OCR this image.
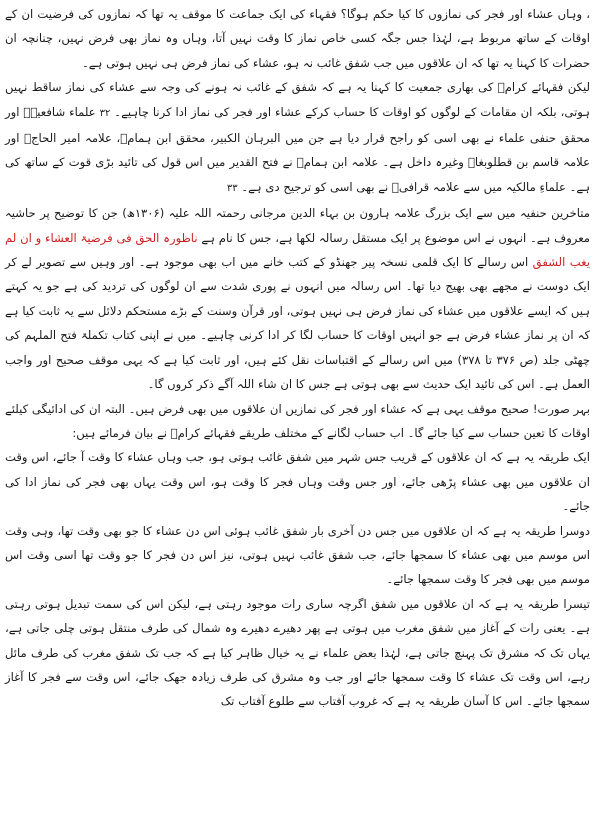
، وہاں عشاء اور فجر کی نمازوں کا کیا حکم ہوگا؟ فقہاء کی ایک جماعت کا موقف یہ تھا کہ نمازوں کی فرضیت ان کے اوقات کے ساتھ مربوط ہے، لہٰذا جس جگہ کسی خاص نماز کا وقت نہیں آتا، وہاں وہ نماز بھی فرض نہیں، چنانچہ ان حضرات کا کہنا یہ تھا کہ ان علاقوں میں جب شفق غائب نہ ہو، عشاء کی نماز فرض ہی نہیں ہوتی ہے۔

لیکن فقہائے کرامؒ کی بھاری جمعیت کا کہنا یہ ہے کہ شفق کے غائب نہ ہونے کی وجہ سے عشاء کی نماز ساقط نہیں ہوتی، بلکہ ان مقامات کے لوگوں کو اوقات کا حساب کرکے عشاء اور فجر کی نماز ادا کرنا چاہیے۔ ۳۲ علماء شافعیہؒ اور محقق حنفی علماء نے بھی اسی کو راجح قرار دیا ہے جن میں البرہان الکبیر، محقق ابن ہمامؒ، علامہ امیر الحاجؒ اور علامہ قاسم بن قطلوبغاؒ وغیرہ داخل ہے۔ علامہ ابن ہمامؒ نے فتح القدیر میں اس قول کی تائید بڑی قوت کے ساتھ کی ہے۔ علماءِ مالکیہ میں سے علامہ قرافیؒ نے بھی اسی کو ترجیح دی ہے۔ ۳۳

متاخرین حنفیہ میں سے ایک بزرگ علامہ ہارون بن بہاء الدین مرجانی رحمتہ اللہ علیہ (۱۳۰۶ھ) جن کا توضیح پر حاشیہ معروف ہے۔ انہوں نے اس موضوع پر ایک مستقل رسالہ لکھا ہے، جس کا نام ہے ناظورہ الحق فی فرضیۃ العشاء و ان لم یغب الشفق اس رسالے کا ایک قلمی نسخہ پیر جھنڈو کے کتب خانے میں اب بھی موجود ہے۔ اور وہیں سے تصویر لے کر ایک دوست نے مجھے بھی بھیج دیا تھا۔ اس رسالہ میں انہوں نے پوری شدت سے ان لوگوں کی تردید کی ہے جو یہ کہتے ہیں کہ ایسے علاقوں میں عشاء کی نماز فرض ہی نہیں ہوتی، اور قرآن وسنت کے بڑے مستحکم دلائل سے یہ ثابت کیا ہے کہ ان پر نماز عشاء فرض ہے جو انہیں اوقات کا حساب لگا کر ادا کرنی چاہیے۔ میں نے اپنی کتاب تکملۃ فتح الملہم کی چھٹی جلد (ص ۳۷۶ تا ۳۷۸) میں اس رسالے کے اقتباسات نقل کئے ہیں، اور ثابت کیا ہے کہ یہی موقف صحیح اور واجب العمل ہے۔ اس کی تائید ایک حدیث سے بھی ہوتی ہے جس کا ان شاء اللہ آگے ذکر کروں گا۔

بہر صورت! صحیح موقف یہی ہے کہ عشاء اور فجر کی نمازیں ان علاقوں میں بھی فرض ہیں۔ البتہ ان کی ادائیگی کیلئے اوقات کا تعین حساب سے کیا جائے گا۔ اب حساب لگانے کے مختلف طریقے فقہائے کرامؒ نے بیان فرمائے ہیں:

ایک طریقہ یہ ہے کہ ان علاقوں کے قریب جس شہر میں شفق غائب ہوتی ہو، جب وہاں عشاء کا وقت آ جائے، اس وقت ان علاقوں میں بھی عشاء پڑھی جائے، اور جس وقت وہاں فجر کا وقت ہو، اس وقت یہاں بھی فجر کی نماز ادا کی جائے۔

دوسرا طریقہ یہ ہے کہ ان علاقوں میں جس دن آخری بار شفق غائب ہوئی اس دن عشاء کا جو بھی وقت تھا، وہی وقت اس موسم میں بھی عشاء کا سمجھا جائے، جب شفق غائب نہیں ہوتی، نیز اس دن فجر کا جو وقت تھا اسی وقت اس موسم میں بھی فجر کا وقت سمجھا جائے۔

تیسرا طریقہ یہ ہے کہ ان علاقوں میں شفق اگرچہ ساری رات موجود رہتی ہے، لیکن اس کی سمت تبدیل ہوتی رہتی ہے۔ یعنی رات کے آغاز میں شفق مغرب میں ہوتی ہے پھر دھیرے دھیرے وہ شمال کی طرف منتقل ہوتی چلی جاتی ہے، یہاں تک کہ مشرق تک پہنچ جاتی ہے، لہٰذا بعض علماء نے یہ خیال ظاہر کیا ہے کہ جب تک شفق مغرب کی طرف مائل رہے، اس وقت تک عشاء کا وقت سمجھا جائے اور جب وہ مشرق کی طرف زیادہ جھک جائے، اس وقت سے فجر کا آغاز سمجھا جائے۔ اس کا آسان طریقہ یہ ہے کہ غروب آفتاب سے طلوع آفتاب تک
